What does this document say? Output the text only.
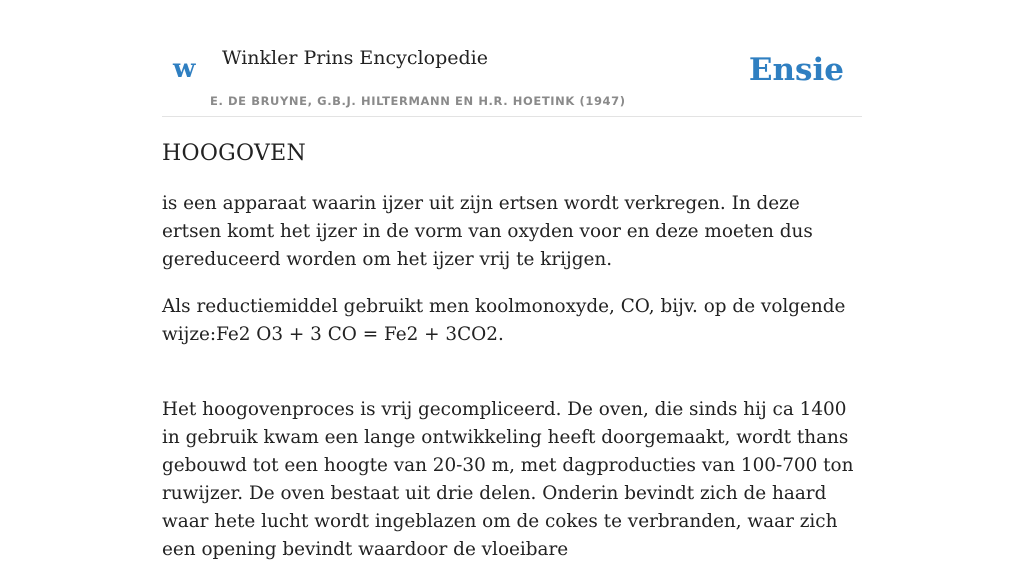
w Winkler Prins Encyclopedie
E. DE BRUYNE, G.B.J. HILTERMANN EN H.R. HOETINK (1947)
Ensie
HOOGOVEN

is een apparaat waarin ijzer uit zijn ertsen wordt verkregen. In deze ertsen komt het ijzer in de vorm van oxyden voor en deze moeten dus gereduceerd worden om het ijzer vrij te krijgen.

Als reductiemiddel gebruikt men koolmonoxyde, CO, bijv. op de volgende wijze:Fe2 O3 + 3 CO = Fe2 + 3CO2.

Het hoogovenproces is vrij gecompliceerd. De oven, die sinds hij ca 1400 in gebruik kwam een lange ontwikkeling heeft doorgemaakt, wordt thans gebouwd tot een hoogte van 20-30 m, met dagproducties van 100-700 ton ruwijzer. De oven bestaat uit drie delen. Onderin bevindt zich de haard waar hete lucht wordt ingeblazen om de cokes te verbranden, waar zich een opening bevindt waardoor de vloeibare
